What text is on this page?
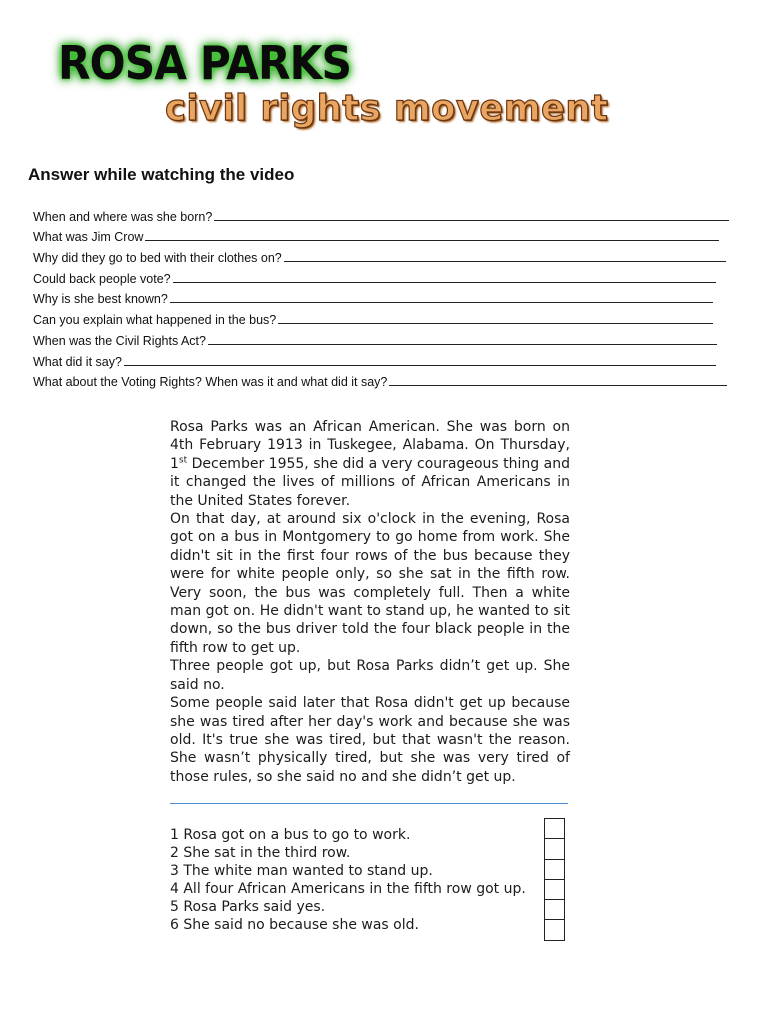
ROSA PARKS
civil rights movement
Answer while watching the video
When and where was she born?
What was Jim Crow
Why did they go to bed with their clothes on?
Could back people vote?
Why is she best known?
Can you explain what happened in the bus?
When was the Civil Rights Act?
What did it say?
What about the Voting Rights? When was it and what did it say?

Rosa Parks was an African American. She was born on 4th February 1913 in Tuskegee, Alabama. On Thursday, 1st December 1955, she did a very courageous thing and it changed the lives of millions of African Americans in the United States forever.

On that day, at around six o'clock in the evening, Rosa got on a bus in Montgomery to go home from work. She didn't sit in the first four rows of the bus because they were for white people only, so she sat in the fifth row. Very soon, the bus was completely full. Then a white man got on. He didn't want to stand up, he wanted to sit down, so the bus driver told the four black people in the fifth row to get up.

Three people got up, but Rosa Parks didn’t get up. She said no.

Some people said later that Rosa didn't get up because she was tired after her day's work and because she was old. It's true she was tired, but that wasn't the reason. She wasn’t physically tired, but she was very tired of those rules, so she said no and she didn’t get up.

1 Rosa got on a bus to go to work.
2 She sat in the third row.
3 The white man wanted to stand up.
4 All four African Americans in the fifth row got up.
5 Rosa Parks said yes.
6 She said no because she was old.
